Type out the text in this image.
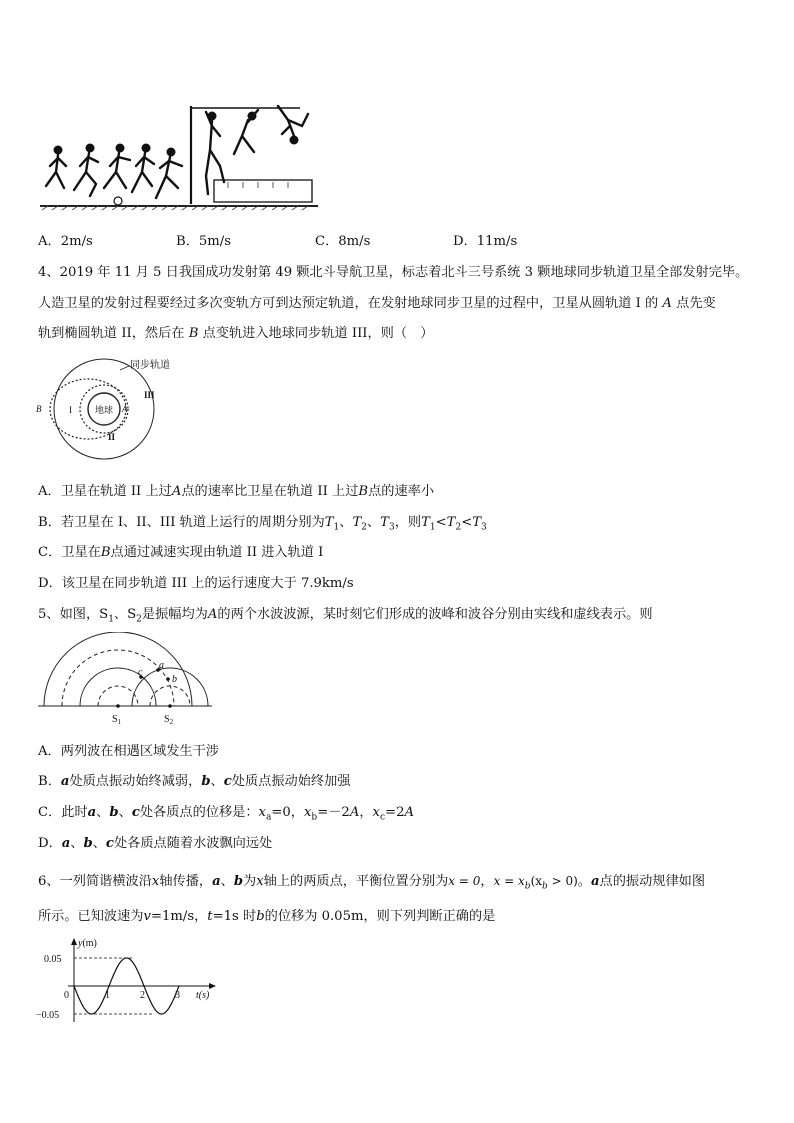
A．2m/s	B．5m/s	C．8m/s	D．11m/s
4、2019 年 11 月 5 日我国成功发射第 49 颗北斗导航卫星，标志着北斗三号系统 3 颗地球同步轨道卫星全部发射完毕。
人造卫星的发射过程要经过多次变轨方可到达预定轨道，在发射地球同步卫星的过程中，卫星从圆轨道 I 的 A 点先变
轨到椭圆轨道 II，然后在 B 点变轨进入地球同步轨道 III，则（　）
地球
I
II
III
B	A
同步轨道
A．卫星在轨道 II 上过A点的速率比卫星在轨道 II 上过B点的速率小
B．若卫星在 I、II、III 轨道上运行的周期分别为$T_1$、$T_2$、$T_3$，则$T_1<T_2<T_3$
C．卫星在B点通过减速实现由轨道 II 进入轨道 I
D．该卫星在同步轨道 III 上的运行速度大于 7.9km/s
5、如图，$S_1$、$S_2$是振幅均为A的两个水波波源，某时刻它们形成的波峰和波谷分别由实线和虚线表示。则
a
b
c
$S_1$	$S_2$
A．两列波在相遇区域发生干涉
B．a处质点振动始终减弱，b、c处质点振动始终加强
C．此时a、b、c处各质点的位移是：$x_a=0$，$x_b=-2A$，$x_c=2A$
D．a、b、c处各质点随着水波飘向远处
6、一列简谐横波沿x轴传播，a、b为x轴上的两质点，平衡位置分别为x = 0，$x = x_b(x_b > 0)$。a点的振动规律如图
所示。已知波速为v=1m/s，t=1s 时b的位移为 0.05m，则下列判断正确的是
y(m)
0.05
−0.05
0	1	2	3 t(s)
